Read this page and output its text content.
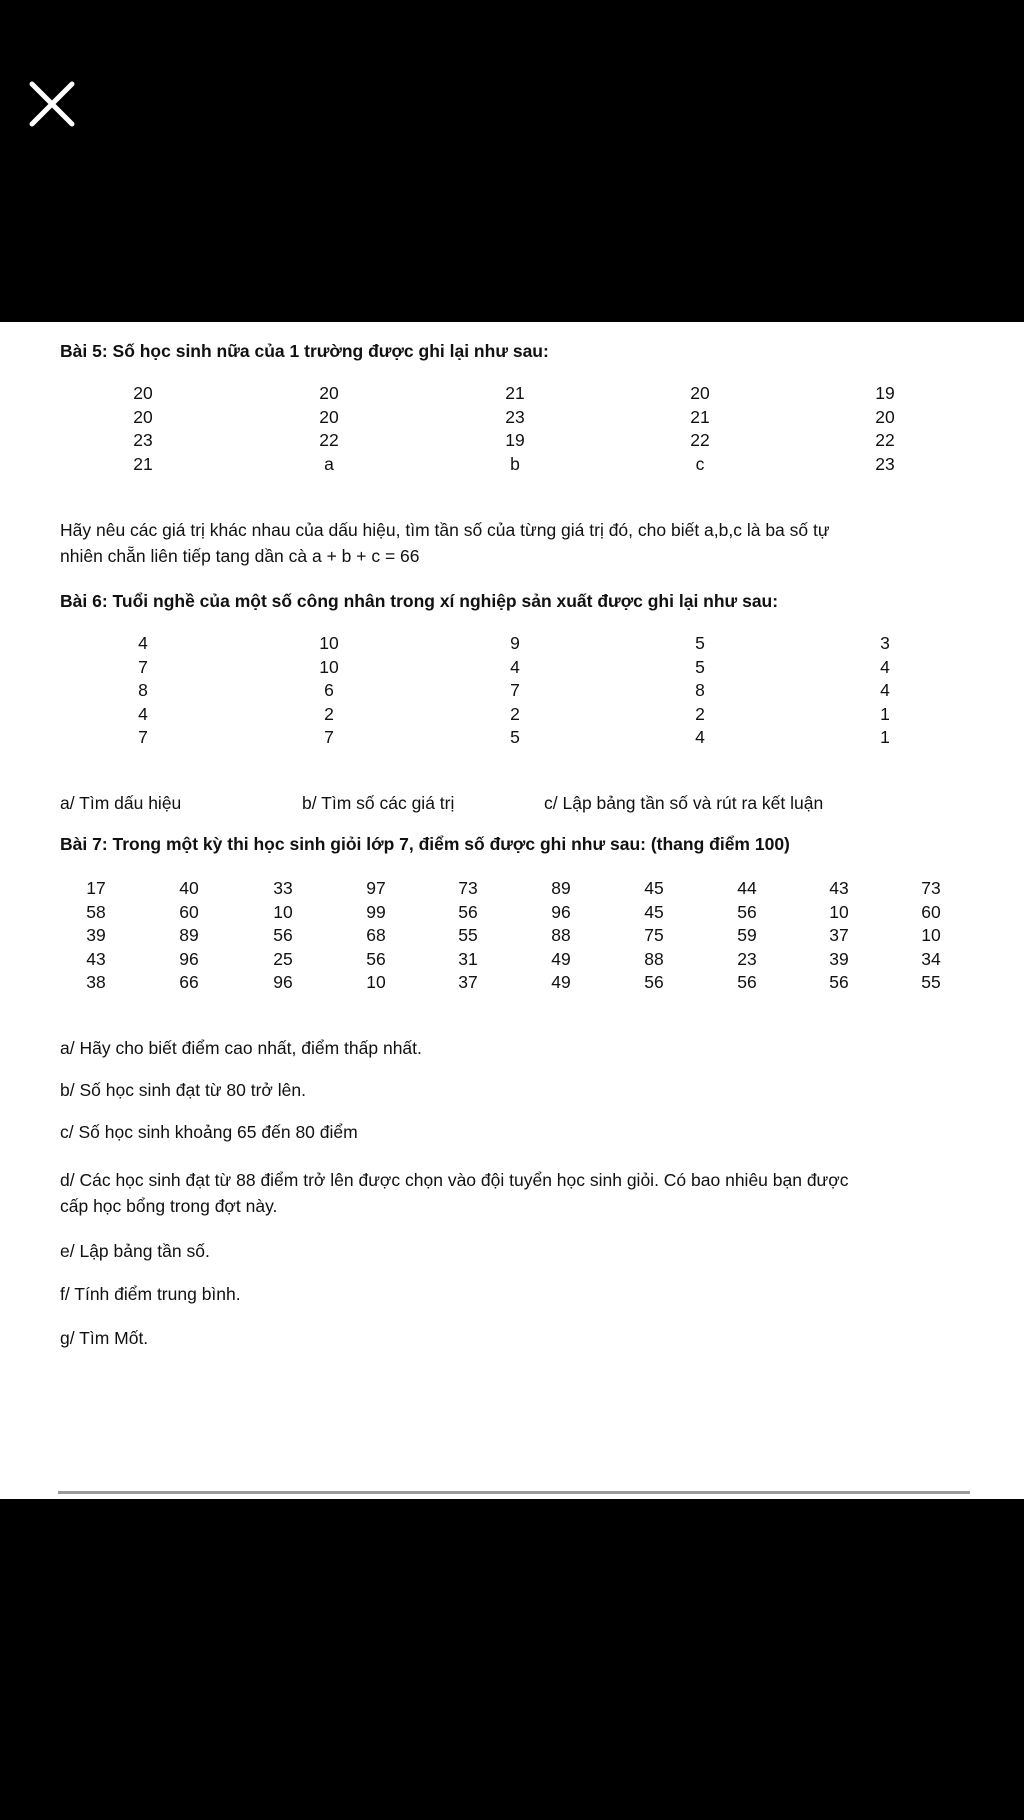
Bài 5: Số học sinh nữa của 1 trường được ghi lại như sau:
20	20	21	20	19
20	20	23	21	20
23	22	19	22	22
21	a	b	c	23
Hãy nêu các giá trị khác nhau của dấu hiệu, tìm tần số của từng giá trị đó, cho biết a,b,c là ba số tự
nhiên chẵn liên tiếp tang dần cà a + b + c = 66
Bài 6: Tuổi nghề của một số công nhân trong xí nghiệp sản xuất được ghi lại như sau:
4	10	9	5	3
7	10	4	5	4
8	6	7	8	4
4	2	2	2	1
7	7	5	4	1
a/ Tìm dấu hiệu	b/ Tìm số các giá trị	c/ Lập bảng tần số và rút ra kết luận
Bài 7: Trong một kỳ thi học sinh giỏi lớp 7, điểm số được ghi như sau: (thang điểm 100)
17	40	33	97	73	89	45	44	43	73
58	60	10	99	56	96	45	56	10	60
39	89	56	68	55	88	75	59	37	10
43	96	25	56	31	49	88	23	39	34
38	66	96	10	37	49	56	56	56	55
a/ Hãy cho biết điểm cao nhất, điểm thấp nhất.
b/ Số học sinh đạt từ 80 trở lên.
c/ Số học sinh khoảng 65 đến 80 điểm
d/ Các học sinh đạt từ 88 điểm trở lên được chọn vào đội tuyển học sinh giỏi. Có bao nhiêu bạn được
cấp học bổng trong đợt này.
e/ Lập bảng tần số.
f/ Tính điểm trung bình.
g/ Tìm Mốt.
